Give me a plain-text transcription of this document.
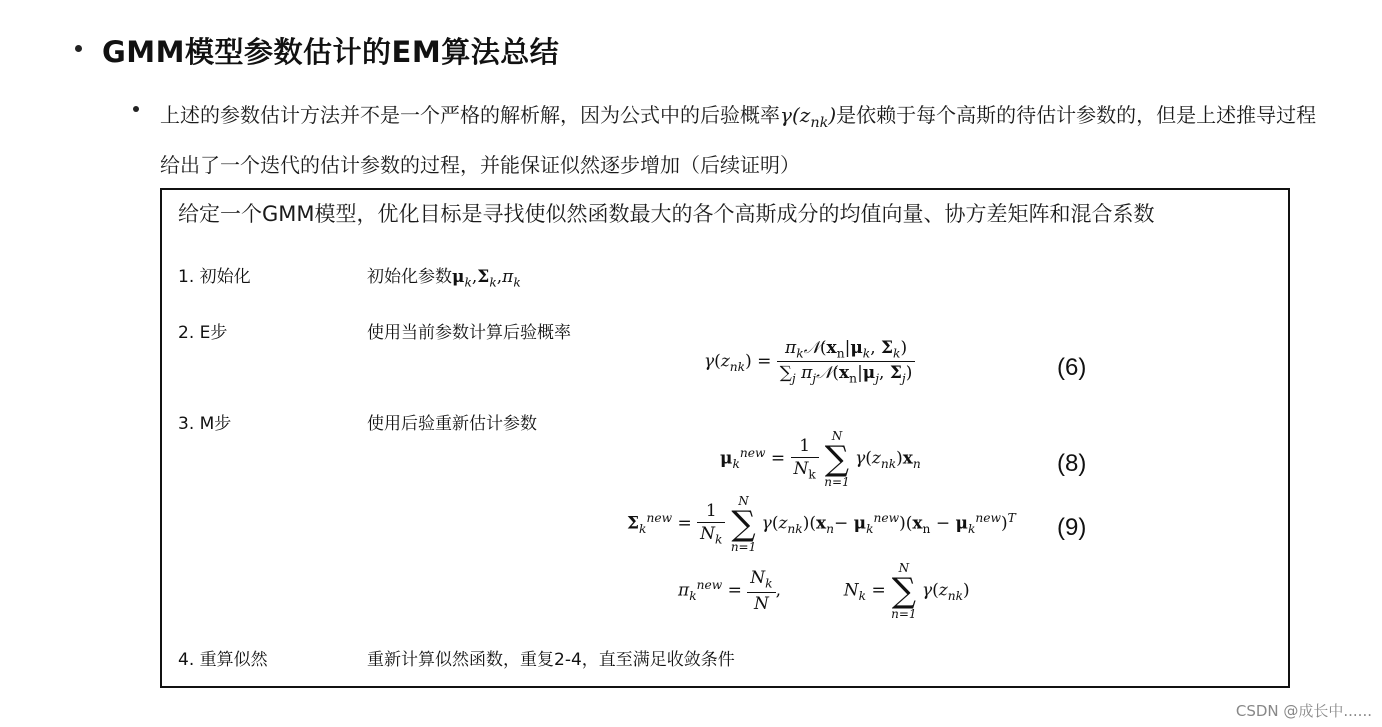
GMM模型参数估计的EM算法总结
上述的参数估计方法并不是一个严格的解析解，因为公式中的后验概率$\gamma(z_{nk})$是依赖于每个高斯的待估计参数的，但是上述推导过程给出了一个迭代的估计参数的过程，并能保证似然逐步增加（后续证明）
给定一个GMM模型，优化目标是寻找使似然函数最大的各个高斯成分的均值向量、协方差矩阵和混合系数
1. 初始化	初始化参数$\mu_k,\Sigma_k,\pi_k$
2. E步	使用当前参数计算后验概率
$\gamma(z_{nk}) = \frac{\pi_k𝒩(x_n|\mu_k, \Sigma_k)}{\sum_j \pi_j𝒩(x_n|\mu_j, \Sigma_j)}$	(6)
3. M步	使用后验重新估计参数
$\mu_k^{new} = \frac{1}{N_k}$

N
∑
n=1
$\gamma(z_{nk})x_n$	(8)
$\Sigma_k^{new} = \frac{1}{N_k}$

N
∑
n=1
$\gamma(z_{nk})(x_n- \mu_k^{new})(x_n - \mu_k^{new})^T$ (9)
$\pi_k^{new} = \frac{N_k}{N}$ ,	$N_k$ =
N
∑
n=1
$\gamma(z_{nk})$
4. 重算似然	重新计算似然函数，重复2-4，直至满足收敛条件
CSDN @成长中......
